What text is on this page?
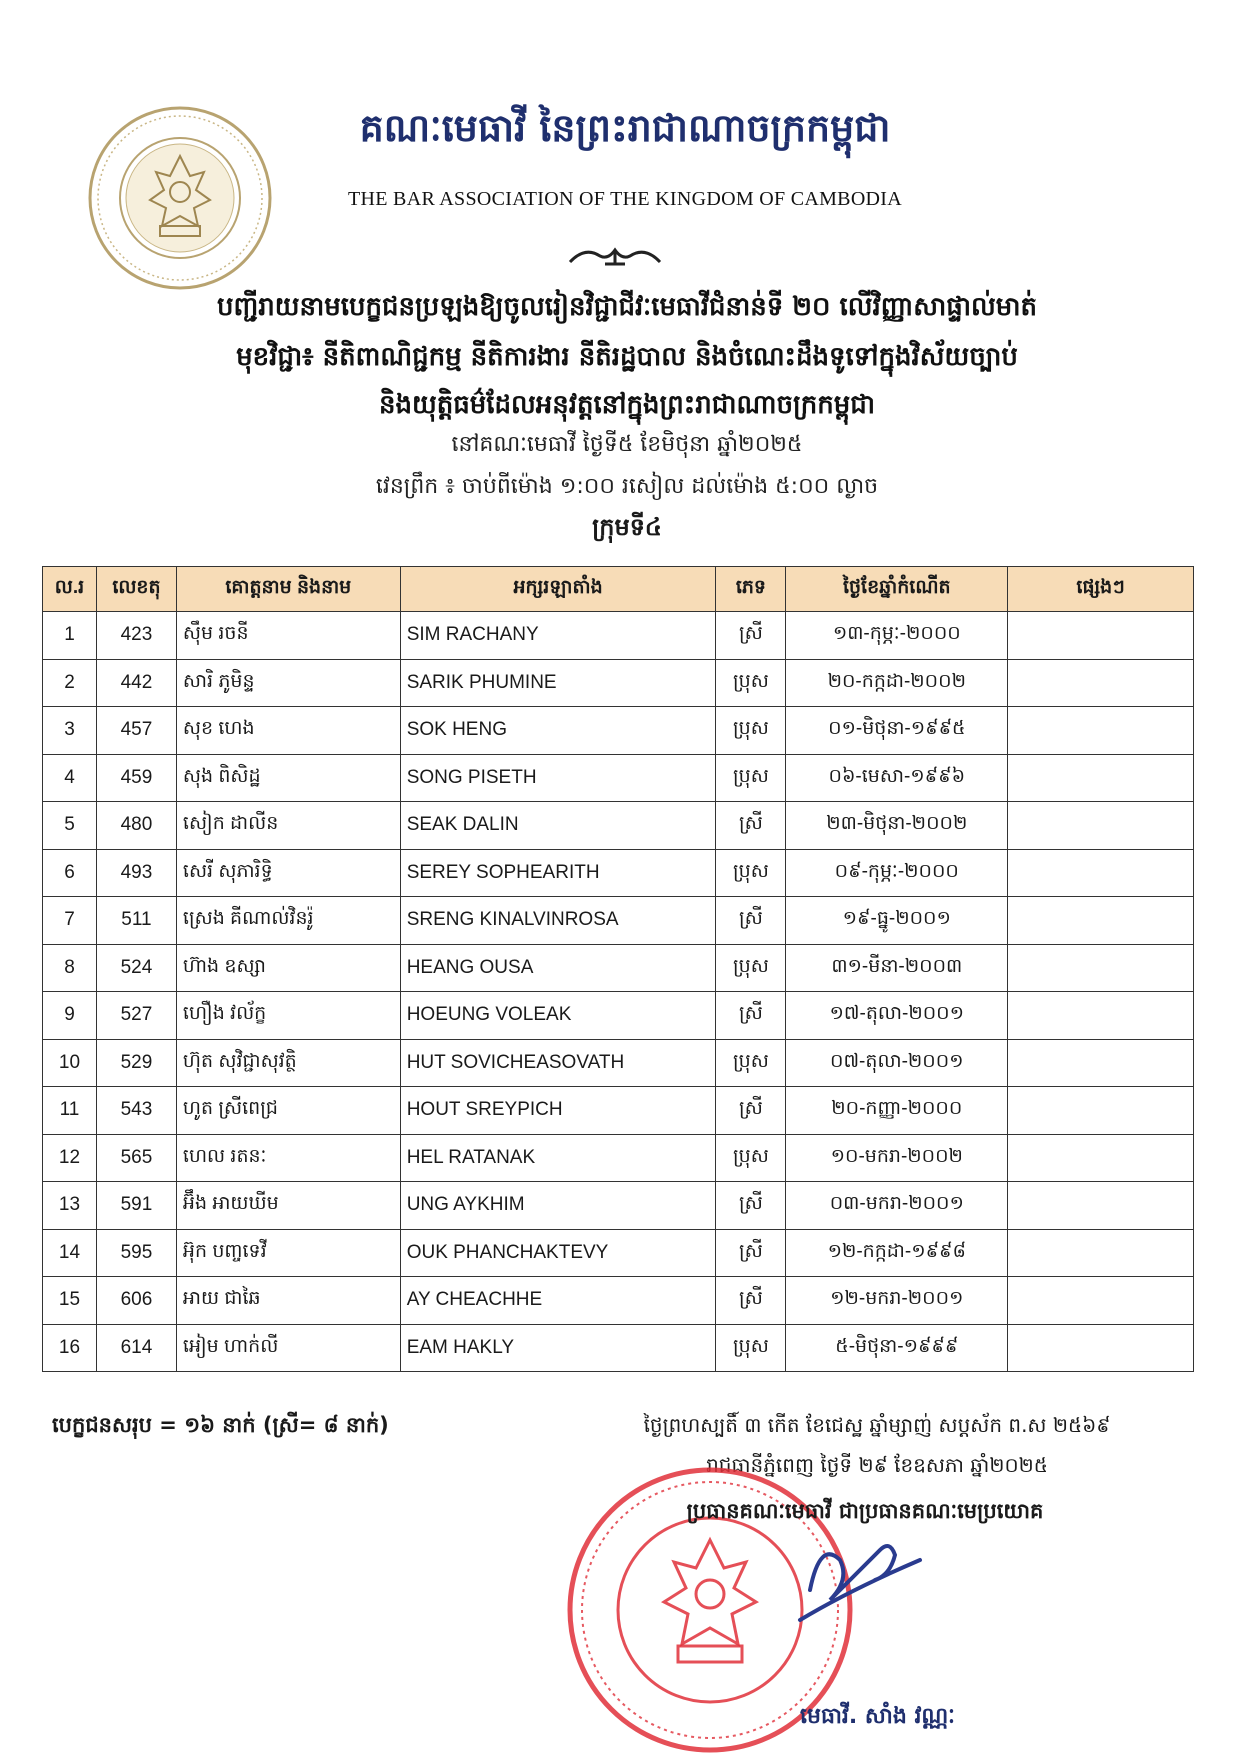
គណៈមេធាវី នៃព្រះរាជាណាចក្រកម្ពុជា
THE BAR ASSOCIATION OF THE KINGDOM OF CAMBODIA
បញ្ជីរាយនាមបេក្ខជនប្រឡងឱ្យចូលរៀនវិជ្ជាជីវៈមេធាវីជំនាន់ទី ២០ លើវិញ្ញាសាផ្ទាល់មាត់
មុខវិជ្ជា៖ នីតិពាណិជ្ជកម្ម នីតិការងារ នីតិរដ្ឋបាល និងចំណេះដឹងទូទៅក្នុងវិស័យច្បាប់
និងយុត្តិធម៌ដែលអនុវត្តនៅក្នុងព្រះរាជាណាចក្រកម្ពុជា
នៅគណៈមេធាវី ថ្ងៃទី៥ ខែមិថុនា ឆ្នាំ២០២៥
វេនព្រឹក ៖ ចាប់ពីម៉ោង ១:០០ រសៀល ដល់ម៉ោង ៥:០០ ល្ងាច
ក្រុមទី៤
ល.រ	លេខតុ	គោត្តនាម និងនាម	អក្សរឡាតាំង	ភេទ	ថ្ងៃខែឆ្នាំកំណើត	ផ្សេងៗ
1	423	ស៊ឹម រចនី	SIM RACHANY	ស្រី	១៣-កុម្ភៈ-២០០០	
2	442	សារិ ភូមិន្ទ	SARIK PHUMINE	ប្រុស	២០-កក្កដា-២០០២	
3	457	សុខ ហេង	SOK HENG	ប្រុស	០១-មិថុនា-១៩៩៥	
4	459	សុង ពិសិដ្ឋ	SONG PISETH	ប្រុស	០៦-មេសា-១៩៩៦	
5	480	សៀក ដាលីន	SEAK DALIN	ស្រី	២៣-មិថុនា-២០០២	
6	493	សេរី សុភារិទ្ធិ	SEREY SOPHEARITH	ប្រុស	០៩-កុម្ភៈ-២០០០	
7	511	ស្រេង គីណាល់វិនរ៉ូ	SRENG KINALVINROSA	ស្រី	១៩-ធ្នូ-២០០១	
8	524	ហ៊ាង ឧស្សា	HEANG OUSA	ប្រុស	៣១-មីនា-២០០៣	
9	527	ហឿង វល័ក្ខ	HOEUNG VOLEAK	ស្រី	១៧-តុលា-២០០១	
10	529	ហ៊ុត សុវិជ្ជាសុវត្ថិ	HUT SOVICHEASOVATH	ប្រុស	០៧-តុលា-២០០១	
11	543	ហូត ស្រីពេជ្រ	HOUT SREYPICH	ស្រី	២០-កញ្ញា-២០០០	
12	565	ហេល រតនៈ	HEL RATANAK	ប្រុស	១០-មករា-២០០២	
13	591	អ៊ឹង អាយឃីម	UNG AYKHIM	ស្រី	០៣-មករា-២០០១	
14	595	អ៊ុក បញ្ចទេវី	OUK PHANCHAKTEVY	ស្រី	១២-កក្កដា-១៩៩៨	
15	606	អាយ ជាឆៃ	AY CHEACHHE	ស្រី	១២-មករា-២០០១	
16	614	អៀម ហាក់លី	EAM HAKLY	ប្រុស	៥-មិថុនា-១៩៩៩	
បេក្ខជនសរុប = ១៦ នាក់ (ស្រី= ៨ នាក់)	ថ្ងៃព្រហស្បតិ៍ ៣ កើត ខែជេស្ឋ ឆ្នាំម្សាញ់ សប្តស័ក ព.ស ២៥៦៩
រាជធានីភ្នំពេញ ថ្ងៃទី ២៩ ខែឧសភា ឆ្នាំ២០២៥
ប្រធានគណៈមេធាវី ជាប្រធានគណៈមេប្រយោគ
មេធាវី. សាំង វណ្ណៈ
